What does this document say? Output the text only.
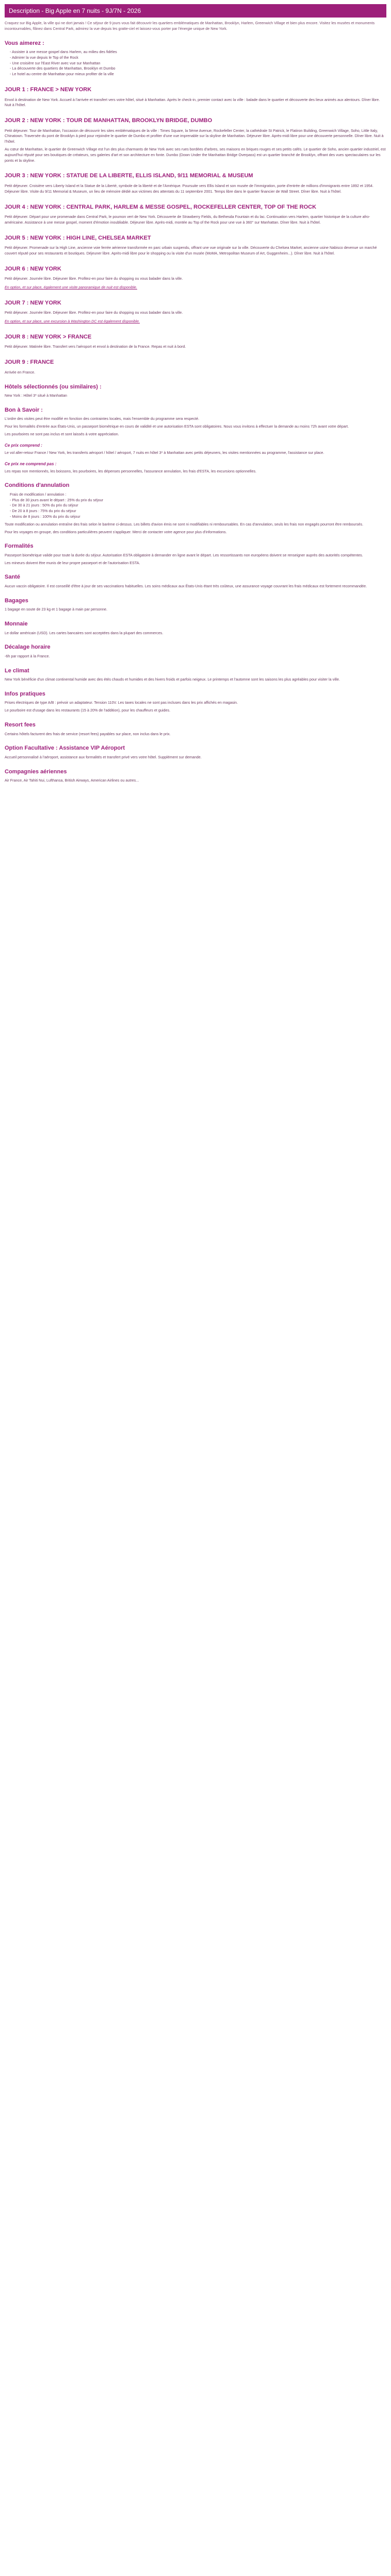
Description - Big Apple en 7 nuits - 9J/7N - 2026
Craquez sur Big Apple, la ville qui ne dort jamais ! Ce séjour de 9 jours vous fait découvrir les quartiers emblématiques de Manhattan, Brooklyn, Harlem, Greenwich Village et bien plus encore. Visitez les musées et monuments incontournables, flânez dans Central Park, admirez la vue depuis les gratte-ciel et laissez-vous porter par l'énergie unique de New York.
Vous aimerez :
- Assister à une messe gospel dans Harlem, au milieu des fidèles
- Admirer la vue depuis le Top of the Rock
- Une croisière sur l'East River avec vue sur Manhattan
- La découverte des quartiers de Manhattan, Brooklyn et Dumbo
- Le hotel au centre de Manhattan pour mieux profiter de la ville
JOUR 1 : FRANCE > NEW YORK
Envol à destination de New York. Accueil à l'arrivée et transfert vers votre hôtel, situé à Manhattan. Après le check-in, premier contact avec la ville : balade dans le quartier et découverte des lieux animés aux alentours. Dîner libre. Nuit à l'hôtel.
JOUR 2 : NEW YORK : TOUR DE MANHATTAN, BROOKLYN BRIDGE, DUMBO
Petit déjeuner. Tour de Manhattan, l'occasion de découvrir les sites emblématiques de la ville : Times Square, la 5ème Avenue, Rockefeller Center, la cathédrale St Patrick, le Flatiron Building, Greenwich Village, Soho, Little Italy, Chinatown. Traversée du pont de Brooklyn à pied pour rejoindre le quartier de Dumbo et profiter d'une vue imprenable sur la skyline de Manhattan. Déjeuner libre. Après-midi libre pour une découverte personnelle. Dîner libre. Nuit à l'hôtel.
Au cœur de Manhattan, le quartier de Greenwich Village est l'un des plus charmants de New York avec ses rues bordées d'arbres, ses maisons en briques rouges et ses petits cafés. Le quartier de Soho, ancien quartier industriel, est aujourd'hui réputé pour ses boutiques de créateurs, ses galeries d'art et son architecture en fonte. Dumbo (Down Under the Manhattan Bridge Overpass) est un quartier branché de Brooklyn, offrant des vues spectaculaires sur les ponts et la skyline.
JOUR 3 : NEW YORK : STATUE DE LA LIBERTE, ELLIS ISLAND, 9/11 MEMORIAL & MUSEUM
Petit déjeuner. Croisière vers Liberty Island et la Statue de la Liberté, symbole de la liberté et de l'Amérique. Poursuite vers Ellis Island et son musée de l'immigration, porte d'entrée de millions d'immigrants entre 1892 et 1954. Déjeuner libre. Visite du 9/11 Memorial & Museum, un lieu de mémoire dédié aux victimes des attentats du 11 septembre 2001. Temps libre dans le quartier financier de Wall Street. Dîner libre. Nuit à l'hôtel.
JOUR 4 : NEW YORK : CENTRAL PARK, HARLEM & MESSE GOSPEL, ROCKEFELLER CENTER, TOP OF THE ROCK
Petit déjeuner. Départ pour une promenade dans Central Park, le poumon vert de New York. Découverte de Strawberry Fields, du Bethesda Fountain et du lac. Continuation vers Harlem, quartier historique de la culture afro-américaine. Assistance à une messe gospel, moment d'émotion inoubliable. Déjeuner libre. Après-midi, montée au Top of the Rock pour une vue à 360° sur Manhattan. Dîner libre. Nuit à l'hôtel.
JOUR 5 : NEW YORK : HIGH LINE, CHELSEA MARKET
Petit déjeuner. Promenade sur la High Line, ancienne voie ferrée aérienne transformée en parc urbain suspendu, offrant une vue originale sur la ville. Découverte du Chelsea Market, ancienne usine Nabisco devenue un marché couvert réputé pour ses restaurants et boutiques. Déjeuner libre. Après-midi libre pour le shopping ou la visite d'un musée (MoMA, Metropolitan Museum of Art, Guggenheim...). Dîner libre. Nuit à l'hôtel.
JOUR 6 : NEW YORK
Petit déjeuner. Journée libre. Déjeuner libre. Profitez-en pour faire du shopping ou vous balader dans la ville.
En option, et sur place, également une visite panoramique de nuit est disponible.
JOUR 7 : NEW YORK
Petit déjeuner. Journée libre. Déjeuner libre. Profitez-en pour faire du shopping ou vous balader dans la ville.
En option, et sur place, une excursion à Washington DC est également disponible.
JOUR 8 : NEW YORK > FRANCE
Petit déjeuner. Matinée libre. Transfert vers l'aéroport et envol à destination de la France. Repas et nuit à bord.
JOUR 9 : FRANCE
Arrivée en France.
Hôtels sélectionnés (ou similaires) :
New York : Hôtel 3* situé à Manhattan
Bon à Savoir :
L'ordre des visites peut être modifié en fonction des contraintes locales, mais l'ensemble du programme sera respecté.
Pour les formalités d'entrée aux États-Unis, un passeport biométrique en cours de validité et une autorisation ESTA sont obligatoires. Nous vous invitons à effectuer la demande au moins 72h avant votre départ.
Les pourboires ne sont pas inclus et sont laissés à votre appréciation.
Ce prix comprend :
Le vol aller-retour France / New York, les transferts aéroport / hôtel / aéroport, 7 nuits en hôtel 3* à Manhattan avec petits déjeuners, les visites mentionnées au programme, l'assistance sur place.
Ce prix ne comprend pas :
Les repas non mentionnés, les boissons, les pourboires, les dépenses personnelles, l'assurance annulation, les frais d'ESTA, les excursions optionnelles.
Conditions d'annulation
Frais de modification / annulation :
- Plus de 30 jours avant le départ : 25% du prix du séjour
- De 30 à 21 jours : 50% du prix du séjour
- De 20 à 8 jours : 75% du prix du séjour
- Moins de 8 jours : 100% du prix du séjour
Toute modification ou annulation entraîne des frais selon le barème ci-dessus. Les billets d'avion émis ne sont ni modifiables ni remboursables. En cas d'annulation, seuls les frais non engagés pourront être remboursés.
Pour les voyages en groupe, des conditions particulières peuvent s'appliquer. Merci de contacter votre agence pour plus d'informations.
Formalités
Passeport biométrique valide pour toute la durée du séjour. Autorisation ESTA obligatoire à demander en ligne avant le départ. Les ressortissants non européens doivent se renseigner auprès des autorités compétentes.
Les mineurs doivent être munis de leur propre passeport et de l'autorisation ESTA.
Santé
Aucun vaccin obligatoire. Il est conseillé d'être à jour de ses vaccinations habituelles. Les soins médicaux aux États-Unis étant très coûteux, une assurance voyage couvrant les frais médicaux est fortement recommandée.
Bagages
1 bagage en soute de 23 kg et 1 bagage à main par personne.
Monnaie
Le dollar américain (USD). Les cartes bancaires sont acceptées dans la plupart des commerces.
Décalage horaire
-6h par rapport à la France.
Le climat
New York bénéficie d'un climat continental humide avec des étés chauds et humides et des hivers froids et parfois neigeux. Le printemps et l'automne sont les saisons les plus agréables pour visiter la ville.
Infos pratiques
Prises électriques de type A/B : prévoir un adaptateur. Tension 110V. Les taxes locales ne sont pas incluses dans les prix affichés en magasin.
Le pourboire est d'usage dans les restaurants (15 à 20% de l'addition), pour les chauffeurs et guides.
Resort fees
Certains hôtels facturent des frais de service (resort fees) payables sur place, non inclus dans le prix.
Option Facultative : Assistance VIP Aéroport
Accueil personnalisé à l'aéroport, assistance aux formalités et transfert privé vers votre hôtel. Supplément sur demande.
Compagnies aériennes
Air France, Air Tahiti Nui, Lufthansa, British Airways, American Airlines ou autres...
